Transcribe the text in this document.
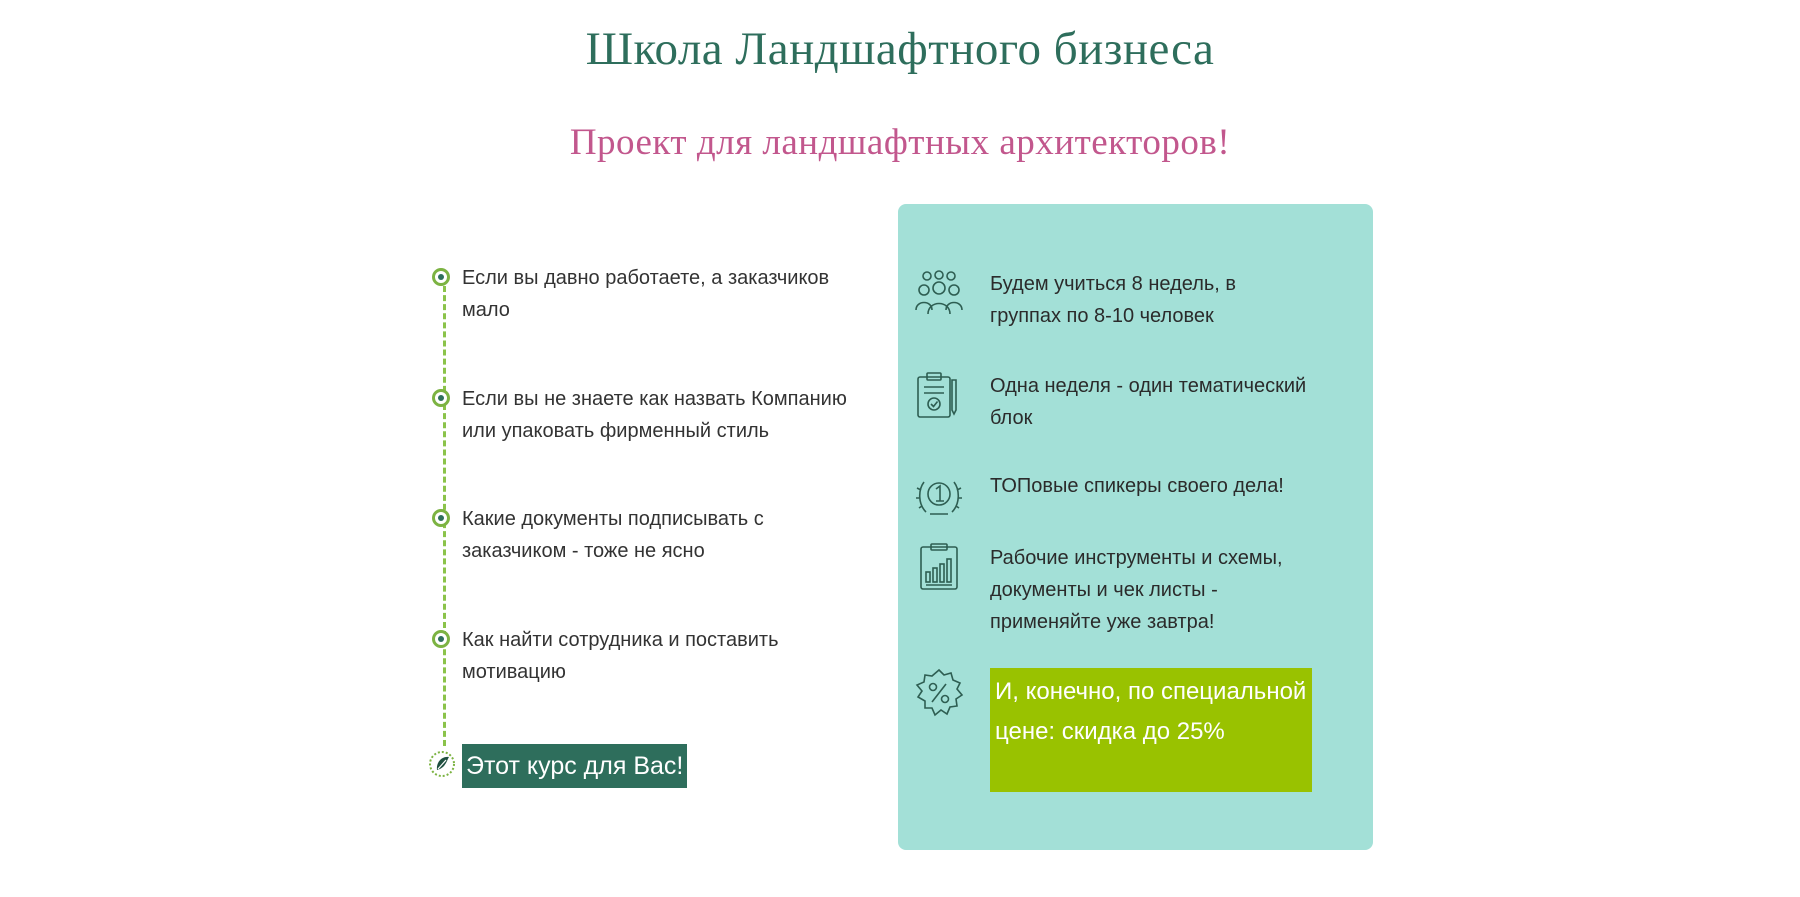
Школа Ландшафтного бизнеса
Проект для ландшафтных архитекторов!
Если вы давно работаете, а заказчиков мало
Если вы не знаете как назвать Компанию или упаковать фирменный стиль
Какие документы подписывать с заказчиком - тоже не ясно
Как найти сотрудника и поставить мотивацию
Этот курс для Вас!
Будем учиться 8 недель, в группах по 8-10 человек
Одна неделя - один тематический блок
ТОПовые спикеры своего дела!
Рабочие инструменты и схемы, документы и чек листы - применяйте уже завтра!
И, конечно, по специальной цене: скидка до 25%
